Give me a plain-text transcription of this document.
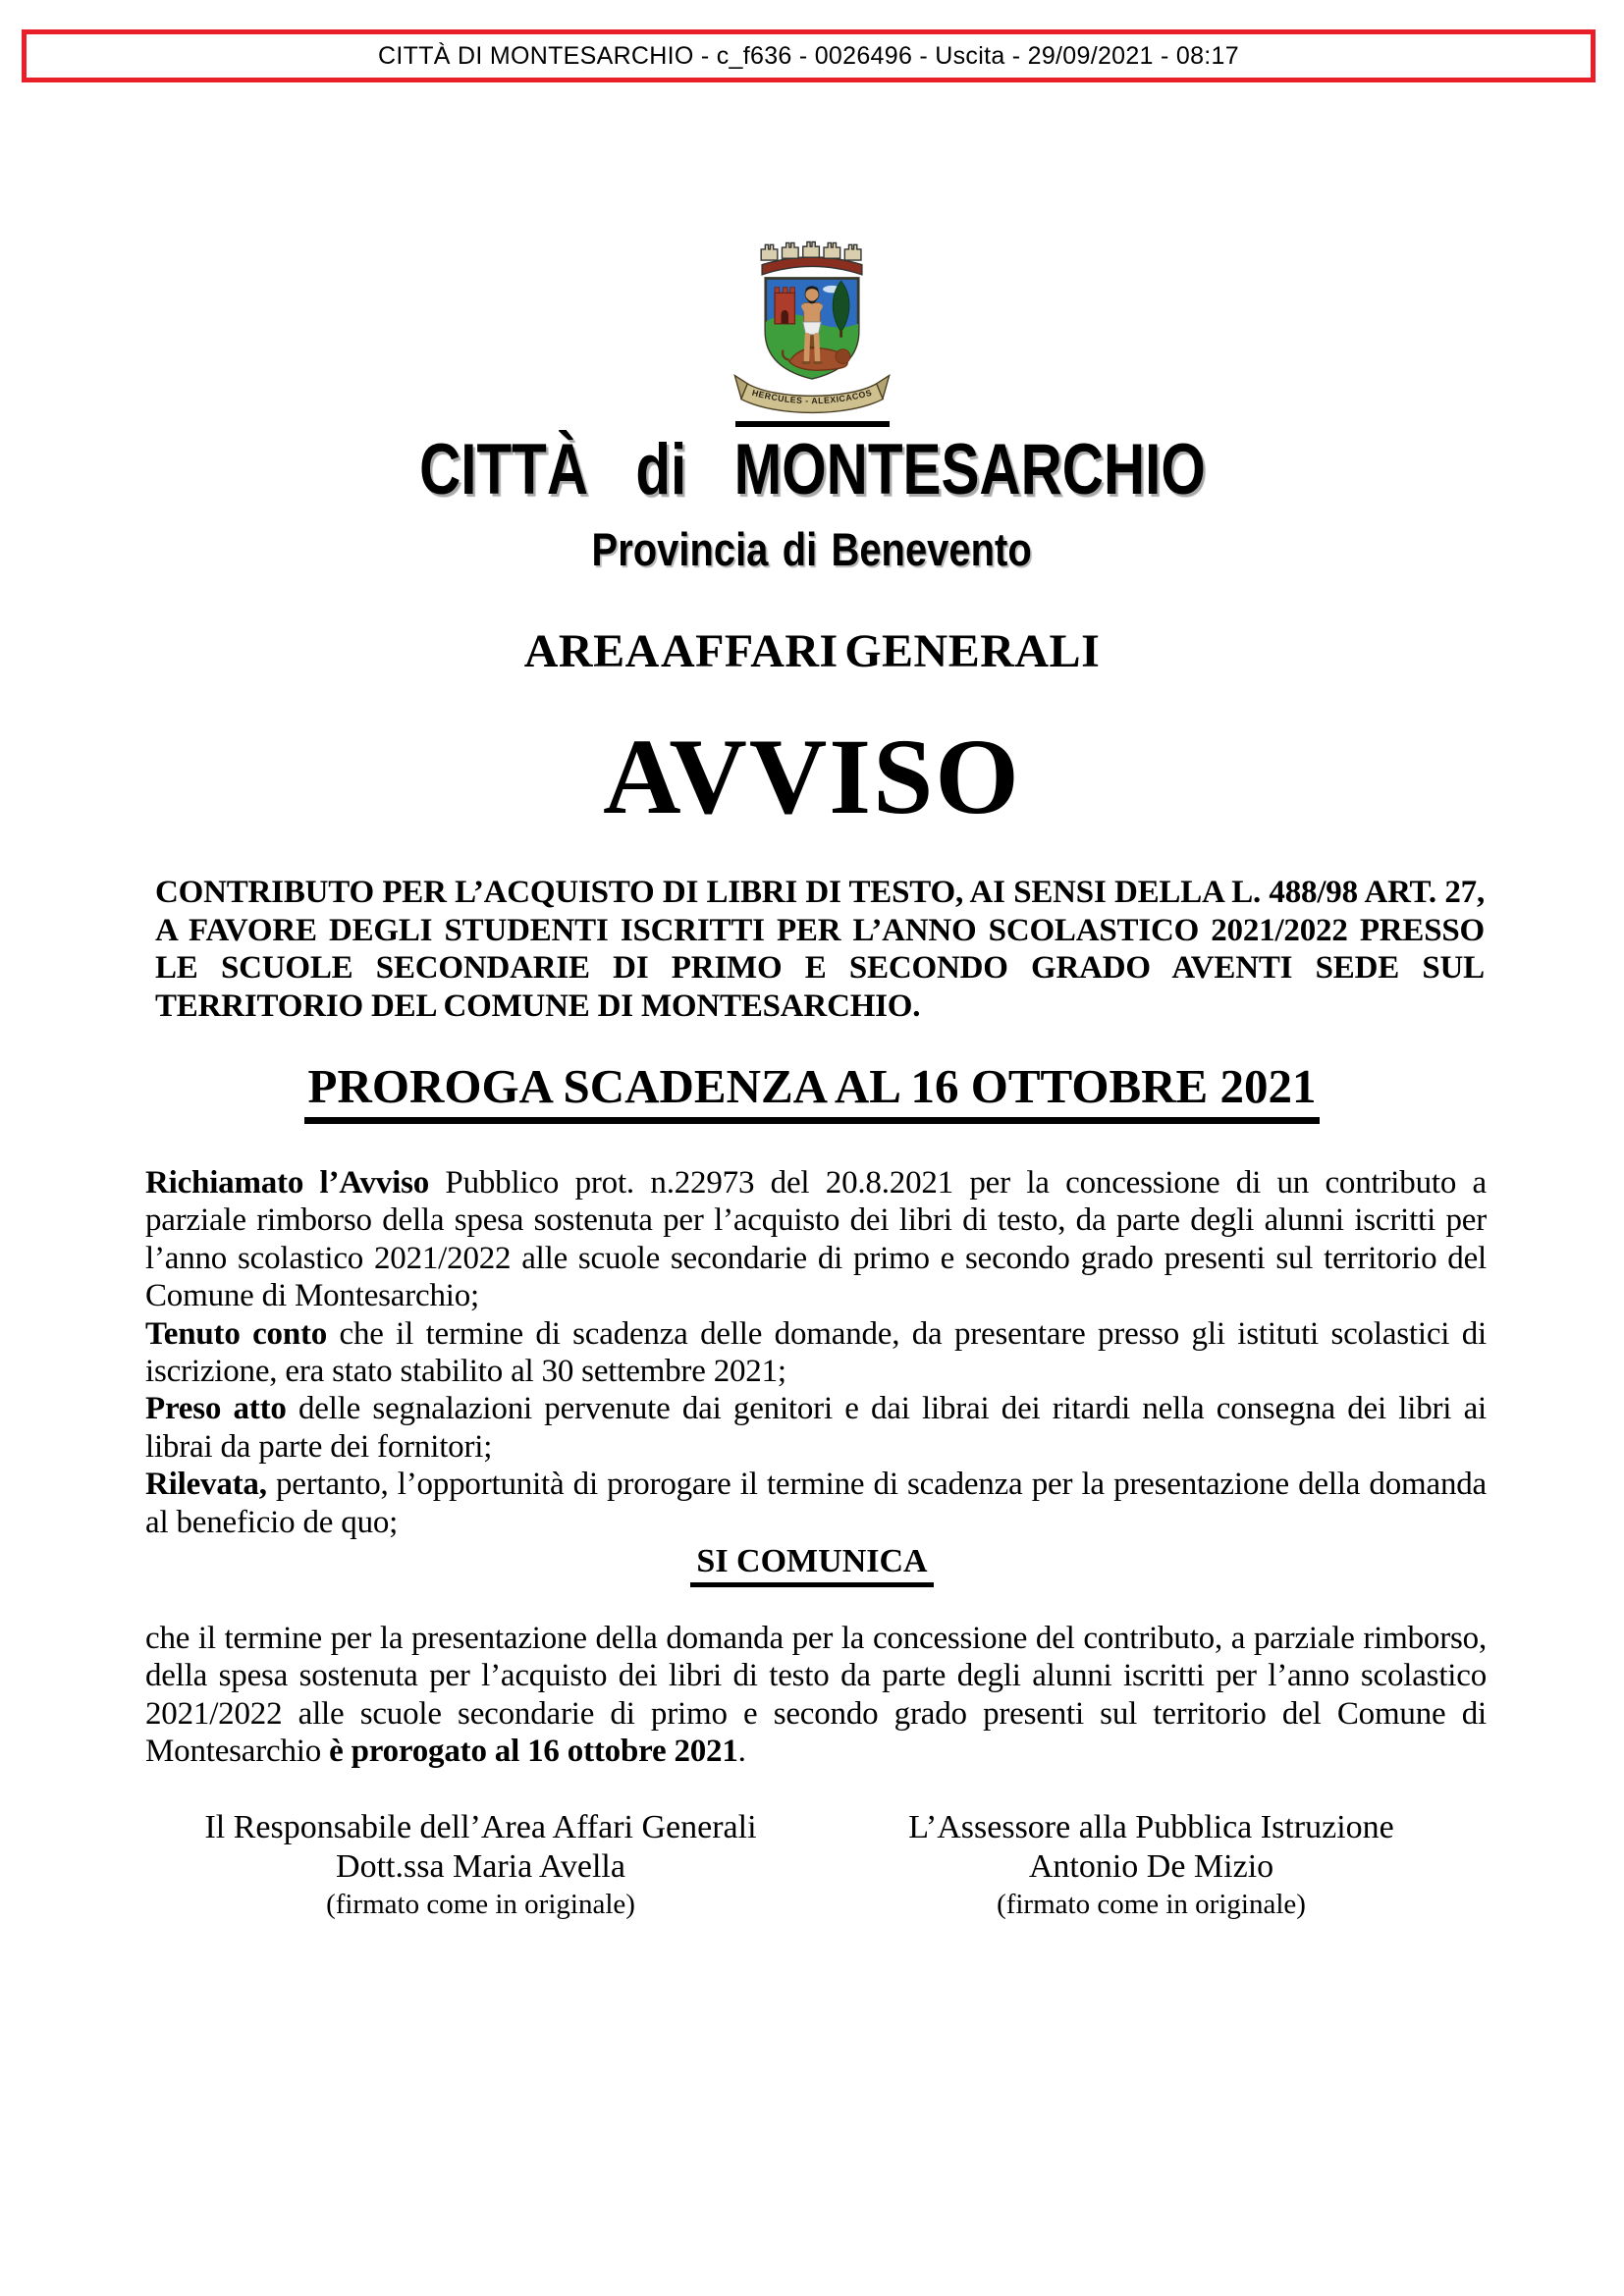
CITTÀ DI MONTESARCHIO - c_f636 - 0026496 - Uscita - 29/09/2021 - 08:17
HERCULES - ALEXICACOS
CITTÀ di MONTESARCHIO
Provincia di Benevento
AREA AFFARI GENERALI
AVVISO
CONTRIBUTO PER L’ACQUISTO DI LIBRI DI TESTO, AI SENSI DELLA L. 488/98 ART. 27, A FAVORE DEGLI STUDENTI ISCRITTI PER L’ANNO SCOLASTICO 2021/2022 PRESSO LE SCUOLE SECONDARIE DI PRIMO E SECONDO GRADO AVENTI SEDE SUL TERRITORIO DEL COMUNE DI MONTESARCHIO.
PROROGA SCADENZA AL 16 OTTOBRE 2021

Richiamato l’Avviso Pubblico prot. n.22973 del 20.8.2021 per la concessione di un contributo a parziale rimborso della spesa sostenuta per l’acquisto dei libri di testo, da parte degli alunni iscritti per l’anno scolastico 2021/2022 alle scuole secondarie di primo e secondo grado presenti sul territorio del Comune di Montesarchio;

Tenuto conto che il termine di scadenza delle domande, da presentare presso gli istituti scolastici di iscrizione, era stato stabilito al 30 settembre 2021;

Preso atto delle segnalazioni pervenute dai genitori e dai librai dei ritardi nella consegna dei libri ai librai da parte dei fornitori;

Rilevata, pertanto, l’opportunità di prorogare il termine di scadenza per la presentazione della domanda al beneficio de quo;

SI COMUNICA

che il termine per la presentazione della domanda per la concessione del contributo, a parziale rimborso, della spesa sostenuta per l’acquisto dei libri di testo da parte degli alunni iscritti per l’anno scolastico 2021/2022 alle scuole secondarie di primo e secondo grado presenti sul territorio del Comune di Montesarchio è prorogato al 16 ottobre 2021.

Il Responsabile dell’Area Affari Generali
Dott.ssa Maria Avella
(firmato come in originale)
L’Assessore alla Pubblica Istruzione
Antonio De Mizio
(firmato come in originale)
